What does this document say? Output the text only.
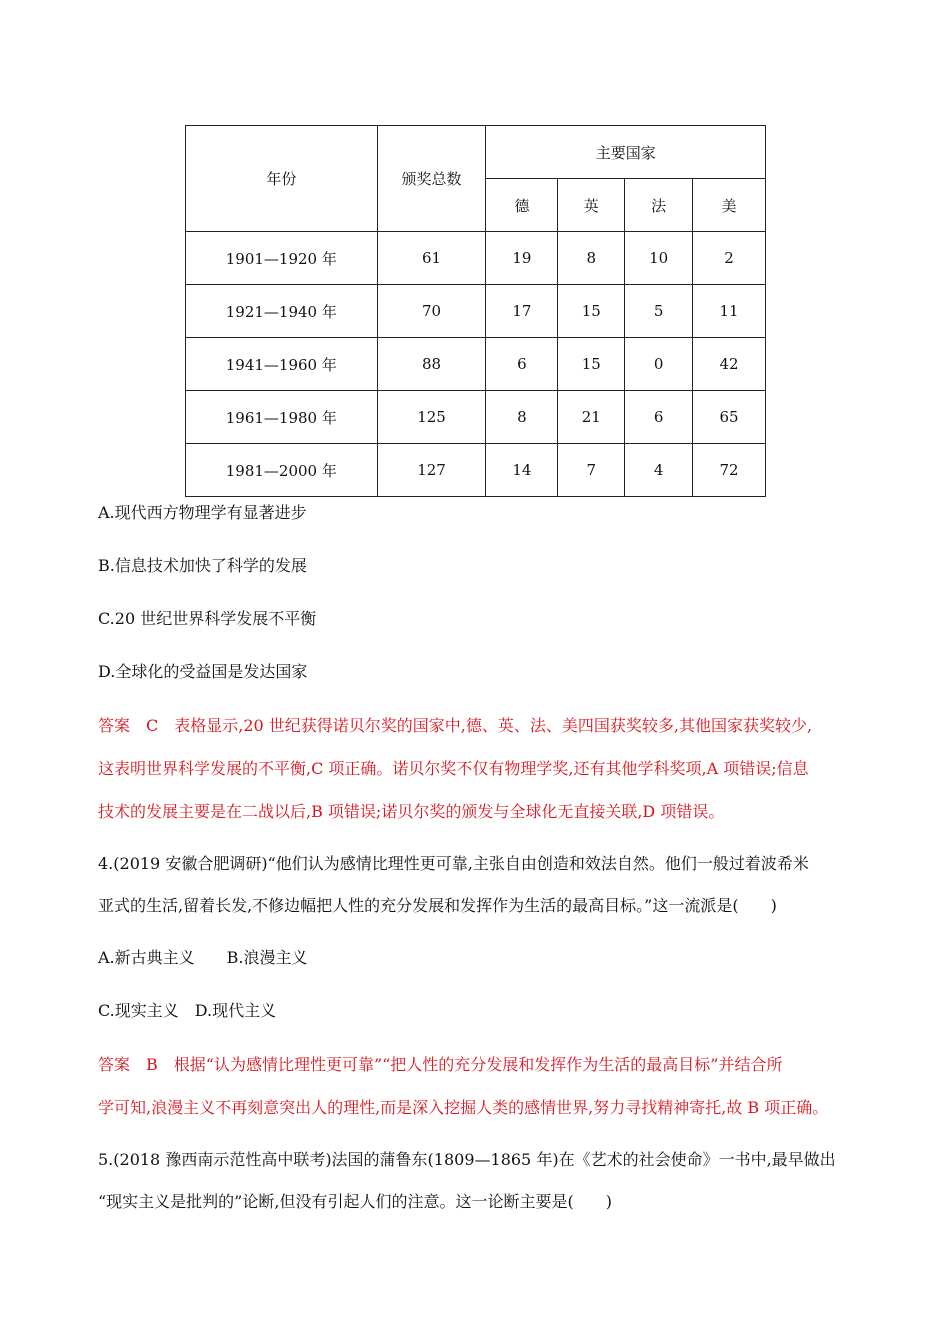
年份	颁奖总数	主要国家			
		德	英	法	美
1901—1920 年	61	19	8	10	2
1921—1940 年	70	17	15	5	11
1941—1960 年	88	6	15	0	42
1961—1980 年	125	8	21	6	65
1981—2000 年	127	14	7	4	72
A.现代西方物理学有显著进步
B.信息技术加快了科学的发展
C.20 世纪世界科学发展不平衡
D.全球化的受益国是发达国家
答案　C　表格显示,20 世纪获得诺贝尔奖的国家中,德、英、法、美四国获奖较多,其他国家获奖较少,
这表明世界科学发展的不平衡,C 项正确。诺贝尔奖不仅有物理学奖,还有其他学科奖项,A 项错误;信息
技术的发展主要是在二战以后,B 项错误;诺贝尔奖的颁发与全球化无直接关联,D 项错误。
4.(2019 安徽合肥调研)“他们认为感情比理性更可靠,主张自由创造和效法自然。他们一般过着波希米
亚式的生活,留着长发,不修边幅把人性的充分发展和发挥作为生活的最高目标。”这一流派是(　　)
A.新古典主义　　B.浪漫主义
C.现实主义　D.现代主义
答案　B　根据“认为感情比理性更可靠”“把人性的充分发展和发挥作为生活的最高目标”并结合所
学可知,浪漫主义不再刻意突出人的理性,而是深入挖掘人类的感情世界,努力寻找精神寄托,故 B 项正确。
5.(2018 豫西南示范性高中联考)法国的蒲鲁东(1809—1865 年)在《艺术的社会使命》一书中,最早做出
“现实主义是批判的”论断,但没有引起人们的注意。这一论断主要是(　　)
